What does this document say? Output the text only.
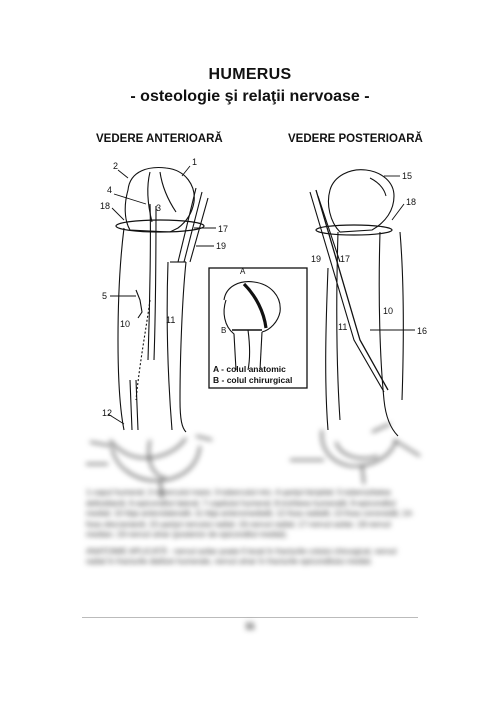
HUMERUS
- osteologie şi relaţii nervoase -
VEDERE ANTERIOARĂ	VEDERE POSTERIOARĂ
2	1
4
3
18
17
19
5
10	11
12
15
18
19 17
10
11	16
A
B
A - colul anatomic
B - colul chirurgical

1-capul humeral; 2-tuberculul mare; 3-tuberculul mic; 4-şanţul bicipital; 5-tuberozitatea deltoidiană; 6-epicondilul lateral; 7-capitulul humeral; 8-trohleea humerală; 9-epicondilul medial; 10-faţa anterolaterală; 11-faţa anteromedială; 12-fosa radială; 13-fosa coronoidă; 14-fosa olecraniană; 15-şanţul nervului radial; 16-nervul radial; 17-nervul axilar; 18-nervul median; 19-nervul ulnar (posterior de epicondilul medial).

ANATOMIE APLICATĂ - nervul axilar poate fi lezat în fracturile colului chirurgical, nervul radial în fracturile diafizei humerale, nervul ulnar în fracturile epicondilului medial.

11
